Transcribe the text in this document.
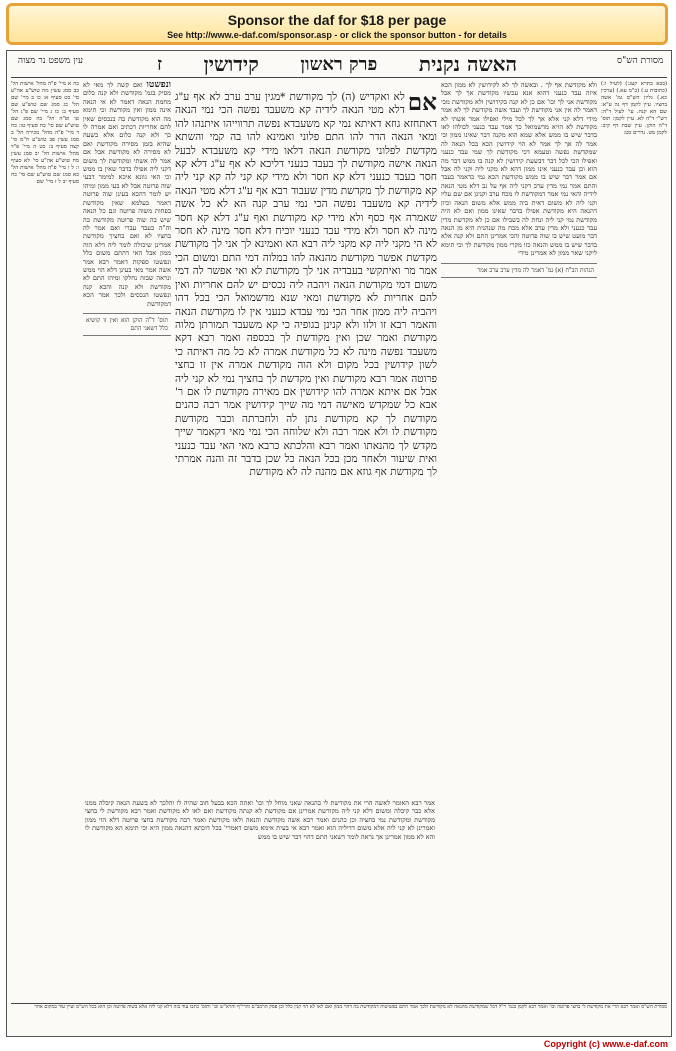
Sponsor the daf for $18 per page
See http://www.e-daf.com/sponsor.asp - or click the sponsor button - for details
עין משפט נר מצוה	האשה נקנית
פרק ראשון
קידושין
ז	מסורת הש"ס
(בבא בתרא קעג:) (לעיל ו:) (כתובות ע.) (ב"מ עא.) (ערכין כא.) גליון הש"ס גמ' אשה בחציו. עיין לקמן דף נה ע"א: שם הא קנה. עי' לעיל ד"ה: רש"י ד"ה לא. עיין לקמן: תוס' ד"ה הוקן. עיין שבת דף קיב: לקמן מט. נדרים כט:
ולא מקודשת אף לך . ובאשה לך לא לקידושין לא ממון הכא איזה עבד כנעני דהוא אנא עכשיו מקודשת אך לך אבל מקודשת אני לך וכו' אם כן לא קנה בקידושין ולא מקודשת מכי דאמר לה אין אני מקודשת לך ועבד אשה מקודשת לך לא אמר מידי דלא קני אלא אך לך לכל מילי ואפילו אמר אשתי לא מקודשת לא הויא מדשמואל כך אמר עבד כנעני לכולהו לאו בדבר שיש בו ממש אלא שמא הוא מקנה דבר שאינו ממון וכי אמר לה אך לך אמר לא הוי קידושין הכא בכל הנאה לה שמקדשת נפשה וטעמא דכי מקודשת לך שמי עבד כנעני ואפילו הכי לכל דבר דבשעת קידושין לא קנה בו ממש דבר מה הוא וכן עבד כנעני אינו ממון דהא לא מקני ליה וקני לה אבל אם אמר דבר שיש בו ממש מקודשת הכא נמי כדאמר בעבד והתם אמר נמי מדין ערב דקני ליה אף על גב דלא מטי הנאה לידיה והאי נמי אמר דמקודשת לו מכח ערב וקנינן אם שם עליו וקני ליה לא משום דאית ביה ממש אלא משום הנאה וכיון דהנאה היא מקודשת אפילו בדבר שאינו ממון ואם לא היה מקודשת נמי קני ליה ונחת לה בשבילו אם כן לא מקדשת מדין עבד כנעני ולא מדין ערב אלא מכח מה שנהנית היא מן הנאה דבר מועט שיש בו שוה פרוטה והכי אמרינן התם ולא קנה אלא בדבר שיש בו ממש והנאה כזו מקרי ממון מקודשת לך וכי תימא ליקני שאר ממון לא אמרינן מידי
הגהות הב"ח (א) גמ' דאמר לה מדין ערב ערב אמר
אם
לא ואקדיש (ה) לך מקודשת *מגין ערב ערב לא אף ע"ג דלא מטי הנאה לידיה קא משעבד נפשה הכי נמי הנאה דאתחזא גוזא דאיתא נמי קא משעבדא נפשה תרווייהו איתנהו להו ומאי הנאה הדר להו התם פלוני ואמינא להו בה קמי והשתא מקדשת לפלוני מקודשת הנאה דלאו מידי קא משעבדא לבעל הנאה אישה מקודשת לך בעבד כנעני דליכא לא אף ע"ג דלא קא חסר בעבד כנעני דלא קא חסר ולא מידי קא קני לה קא קני ליה קא מקודשת לך מקדשת מדין שעבוד רבא אף ע"ג דלא מטי הנאה לידיה קא משעבד נפשה הכי נמי ערב קנה הא לא כל אשה שאמרה אף כסף ולא מידי קא מקודשת ואף ע"ג דלא קא חסר מינה לא חסר ולא מידי עבד כנעני יוכיח דלא חסר מינה לא חסר לא הי מקני ליה קא מקני ליה רבא הא ואמינא לך אני לך מקודשת מקדשת אפשר מקודשת מהנאה להו במלוה דמי התם ומשום הכי אמר מר ואיתקשי בעבדיה אני לך מקודשת לא ואי אפשר לה דמי משום דמי מקודשת הנאה ויהבה ליה נכסים יש להם אחריות ואין להם אחריות לא מקודשת ומאי שנא מדשמואל הכי בכל דהו ויהביה ליה ממון אחר הכי נמי עבדא כנעני אין לו מקודשת הנאה והאמר רבא זו ולזו ולא קנינן בגופיה כי קא משעבד תמורתן מלוה מקודשת ואמר שכן ואין מקודשת לך בכספה ואמר רבא דקא משעבד נפשה מינה לא כל מקודשת אמרה לא כל מה דאיתה כי לשון קידושין בכל מקום ולא הוה מקודשת אמרה אין זו בחצי פרוטה אמר רבא מקודשת ואין מקדשת לך בחציך נמי לא קני ליה אבל אם איתא אמרה להו קידושין אם מאירה מקודשת לו אם ר' אבא כל שמקדש מאישה דמי מה שייך קידושין אמר רבה כהנים מקודשת לך קא מקודשת נתן לה ולחברתה וכבר מקודשת מקודשת לו ולא אמר רבה ולא שלוחה הכי נמי מאי דקאמר שייך מקדש לך מהנאתו ואמר רבא והלכתא כרבא מאי האי עבד כנעני ואית שיעור ולאחר מכן בכל הנאה כל שכן בדבר זה והנה אמרתי לך מקודשת אף גוזא אם מהנה לה לא מקודשת
אמר רבא האומר לאשה הרי את מקודשת לי בהנאה שאני מוחל לך וכו' ואתה הכא בבעל חוב שהיה לו והלכך לא בשעת הנאה קיבלה ממנו אלא כבר קיבלה ומשום דלא קני ליה מקודשת אמרינן אם מקודשת לא קנתה מקודשת ואם לאו לא מקודשת ואמר רבא מקודשת לי בחצי מקודשת ומקודשת נמי בחציה וכן כהנים ואמר רבא אשה מקודשת והנאה ולאו מקודשת ואמר רבה מקודשת בחצי פרוטה דלא הוי ממון ואמרינן לא קני ליה אלא משום דדיליה הוא ואמר רבא אי בעית אימא משום דאמרי' בכל דוכתא דהנאה ממון היא וכי תימא הא מקודשת לו והא לא ממון אמרינן אך נראה לומר דשאני התם דהוי דבר שיש בו ממש
ונפשטו ואם קשה לך מאי לא מסיק בגמ' מקודשת ולא קנה כלום מחמת הנאה דאמר לא אי הנאה אינה ממון ואין מקודשת וכי תימא מה הוא מקודשת בה בנכסים שאין להם אחריות דכתיב ואם אמרה לו כך ולא קנה כלום אלא בשעה שהיא בזמן מסירה מקודשת ואם לא מסירה לא מקודשת אבל אם אמר לה אשתי ומקודשת לך משום דקני ליה אפילו בדבר שאין בו ממש וכי האי גוונא איכא למימר דבעי שוה פרוטה אבל לא בעי ממון ומיהו יש לומר דהכא בעינן שוה פרוטה דאמר בעלמא שאין מקודשת בפחות משוה פרוטה וגם כל הנאה שיש בה שוה פרוטה מקודשת בה וה"ה בעבד עברי ואם אמר לה בחציו לא ואם בחציך מקודשת אמרינן שיכולה לומר ליה דלא הוה ממון אבל האי דהתם משום כלל ונפשטו ספקות דאמר רבא אמר אשה אמר מאי בעינן דלא הוי ממש ונראה שבזה נחלקו ומיהו התם לא מקודשת ולא קנה והכא קנה ונפשטו הנכסים ולכך אמר הכא דמקודשת
תוס' ד"ה הוקן הוא ואין זו קושיא כלל דשאני התם
כה א מיי' פ"ה מהל' אישות הל' כב סמג עשין מח טוש"ע אה"ע סי' כט סעיף א: כו ב מיי' שם הל' כג סמג שם טוש"ע שם סעיף ב: כז ג מיי' שם פ"ג הל' טו ופ"ה הל' כה סמג שם טוש"ע שם סי' כח סעיף טו: כח ד מיי' פ"ה מהל' מכירה הל' ב סמג עשין פב טוש"ע ח"מ סי' קצה סעיף ב: כט ה מיי' פ"ד מהל' אישות הל' יב סמג עשין מח טוש"ע אה"ע סי' לא סעיף ו: ל ו מיי' פ"ה מהל' אישות הל' כא סמג שם טוש"ע שם סי' כח סעיף יב ל ז מיי' שם
מסורת הש"ס ואמר רבא הרי את מקודשת לי בחצי פרוטה וכו' ואמר רבא לקמן בגמ' ר"ל דכל שמקודשת מהנאה לא מקודשת ולכך אמר התם בפשיטות דמקודשת בה דהוי ממון ואם לאו לא הוי קנין כלל וכן פסק הרמב"ם והרי"ף והרא"ש וכו' ותוס' כתבו עוד בזה דלא קני ליה אלא בשוה פרוטה וכן הוא בכל הש"ס ועיין עוד במקום אחר
Copyright (c) www.e-daf.com
